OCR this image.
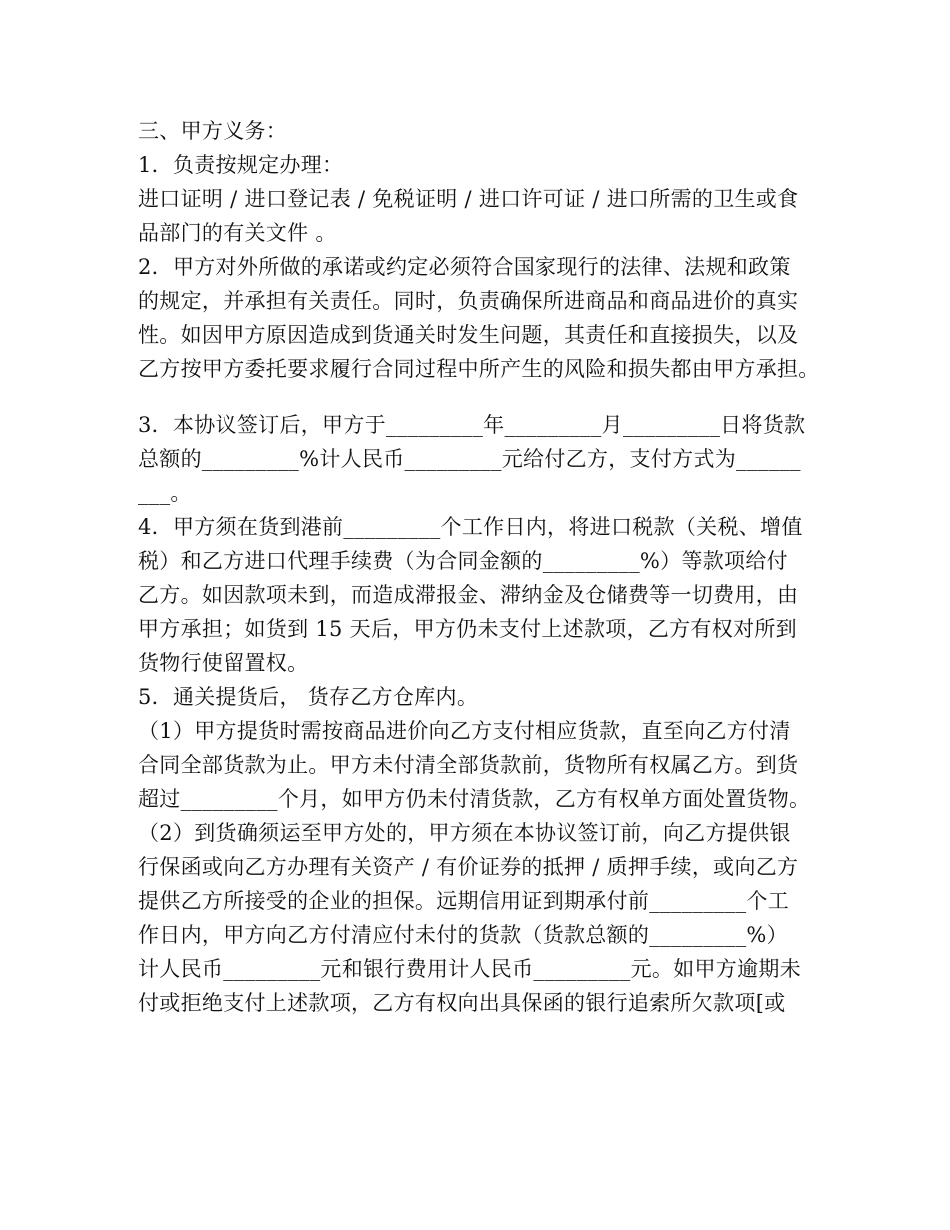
三、甲方义务：
1．负责按规定办理：
进口证明 / 进口登记表 / 免税证明 / 进口许可证 / 进口所需的卫生或食
品部门的有关文件 。
2．甲方对外所做的承诺或约定必须符合国家现行的法律、法规和政策
的规定，并承担有关责任。同时，负责确保所进商品和商品进价的真实
性。如因甲方原因造成到货通关时发生问题，其责任和直接损失，以及
乙方按甲方委托要求履行合同过程中所产生的风险和损失都由甲方承担。
3．本协议签订后，甲方于_________年_________月_________日将货款
总额的_________%计人民币_________元给付乙方，支付方式为______
___。
4．甲方须在货到港前_________个工作日内，将进口税款（关税、增值
税）和乙方进口代理手续费（为合同金额的_________%）等款项给付
乙方。如因款项未到，而造成滞报金、滞纳金及仓储费等一切费用，由
甲方承担；如货到 15 天后，甲方仍未支付上述款项，乙方有权对所到
货物行使留置权。
5．通关提货后， 货存乙方仓库内。
（1）甲方提货时需按商品进价向乙方支付相应货款，直至向乙方付清
合同全部货款为止。甲方未付清全部货款前，货物所有权属乙方。到货
超过_________个月，如甲方仍未付清货款，乙方有权单方面处置货物。
（2）到货确须运至甲方处的，甲方须在本协议签订前，向乙方提供银
行保函或向乙方办理有关资产 / 有价证券的抵押 / 质押手续，或向乙方
提供乙方所接受的企业的担保。远期信用证到期承付前_________个工
作日内，甲方向乙方付清应付未付的货款（货款总额的_________%）
计人民币_________元和银行费用计人民币_________元。如甲方逾期未
付或拒绝支付上述款项，乙方有权向出具保函的银行追索所欠款项[或
